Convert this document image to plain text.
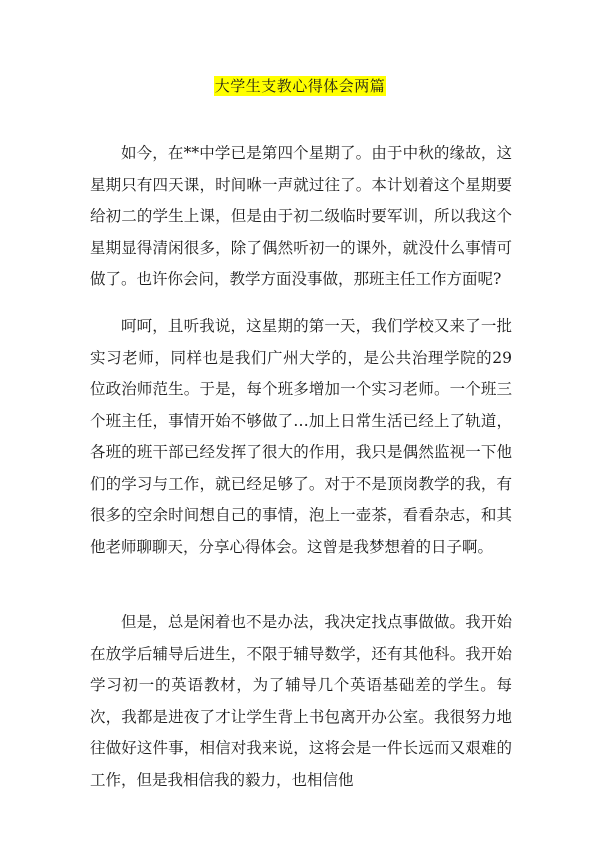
大学生支教心得体会两篇

如今，在**中学已是第四个星期了。由于中秋的缘故，这星期只有四天课，时间咻一声就过往了。本计划着这个星期要给初二的学生上课，但是由于初二级临时要军训，所以我这个星期显得清闲很多，除了偶然听初一的课外，就没什么事情可做了。也许你会问，教学方面没事做，那班主任工作方面呢?

呵呵，且听我说，这星期的第一天，我们学校又来了一批实习老师，同样也是我们广州大学的，是公共治理学院的29位政治师范生。于是，每个班多增加一个实习老师。一个班三个班主任，事情开始不够做了…加上日常生活已经上了轨道，各班的班干部已经发挥了很大的作用，我只是偶然监视一下他们的学习与工作，就已经足够了。对于不是顶岗教学的我，有很多的空余时间想自己的事情，泡上一壶茶，看看杂志，和其他老师聊聊天，分享心得体会。这曾是我梦想着的日子啊。

但是，总是闲着也不是办法，我决定找点事做做。我开始在放学后辅导后进生，不限于辅导数学，还有其他科。我开始学习初一的英语教材，为了辅导几个英语基础差的学生。每次，我都是进夜了才让学生背上书包离开办公室。我很努力地往做好这件事，相信对我来说，这将会是一件长远而又艰难的工作，但是我相信我的毅力，也相信他
